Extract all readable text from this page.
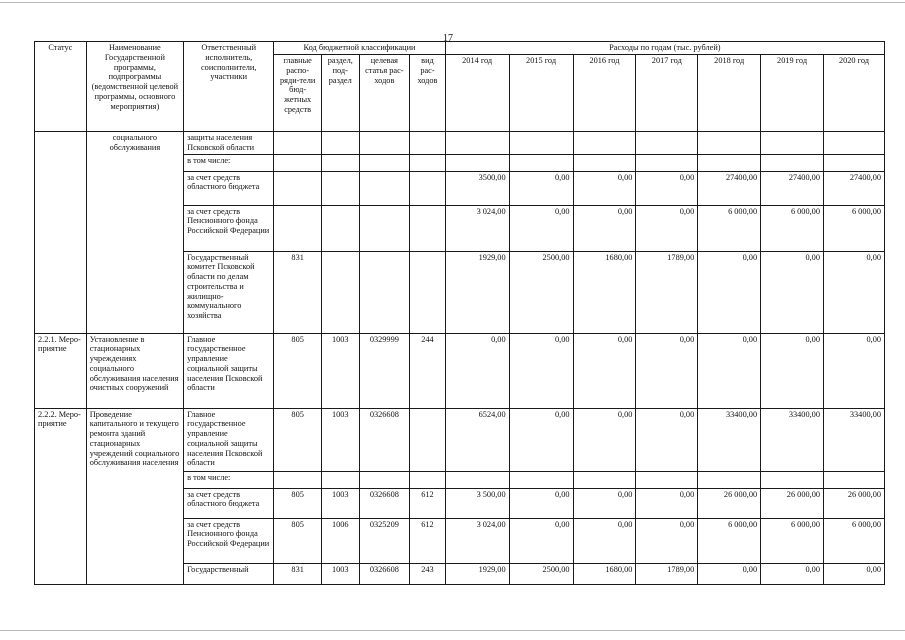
17
Статус	Наименование Государственной программы, подпрограммы (ведомственной целевой программы, основного мероприятия)	Ответственный исполнитель, соисполнители, участники	Код бюджетной классификации				Расходы по годам (тыс. рублей)						
			главные распо-ряди-тели бюд-жетных средств	раздел, под-раздел	целевая статья рас-ходов	вид рас-ходов	2014 год	2015 год	2016 год	2017 год	2018 год	2019 год	2020 год
	социального обслуживания	защиты населения Псковской области											
		в том числе:											
		за счет средств областного бюджета					3500,00	0,00	0,00	0,00	27400,00	27400,00	27400,00
		за счет средств Пенсионного фонда Российской Федерации					3 024,00	0,00	0,00	0,00	6 000,00	6 000,00	6 000,00
		Государственный комитет Псковской области по делам строительства и жилищно-коммунального хозяйства	831				1929,00	2500,00	1680,00	1789,00	0,00	0,00	0,00
2.2.1. Меро-приятие	Установление в стационарных учреждениях социального обслуживания населения очистных сооружений	Главное государственное управление социальной защиты населения Псковской области	805	1003	0329999	244	0,00	0,00	0,00	0,00	0,00	0,00	0,00
2.2.2. Меро-приятие	Проведение капитального и текущего ремонта зданий стационарных учреждений социального обслуживания населения	Главное государственное управление социальной защиты населения Псковской области	805	1003	0326608		6524,00	0,00	0,00	0,00	33400,00	33400,00	33400,00
		в том числе:											
		за счет средств областного бюджета	805	1003	0326608	612	3 500,00	0,00	0,00	0,00	26 000,00	26 000,00	26 000,00
		за счет средств Пенсионного фонда Российской Федерации	805	1006	0325209	612	3 024,00	0,00	0,00	0,00	6 000,00	6 000,00	6 000,00
		Государственный	831	1003	0326608	243	1929,00	2500,00	1680,00	1789,00	0,00	0,00	0,00
